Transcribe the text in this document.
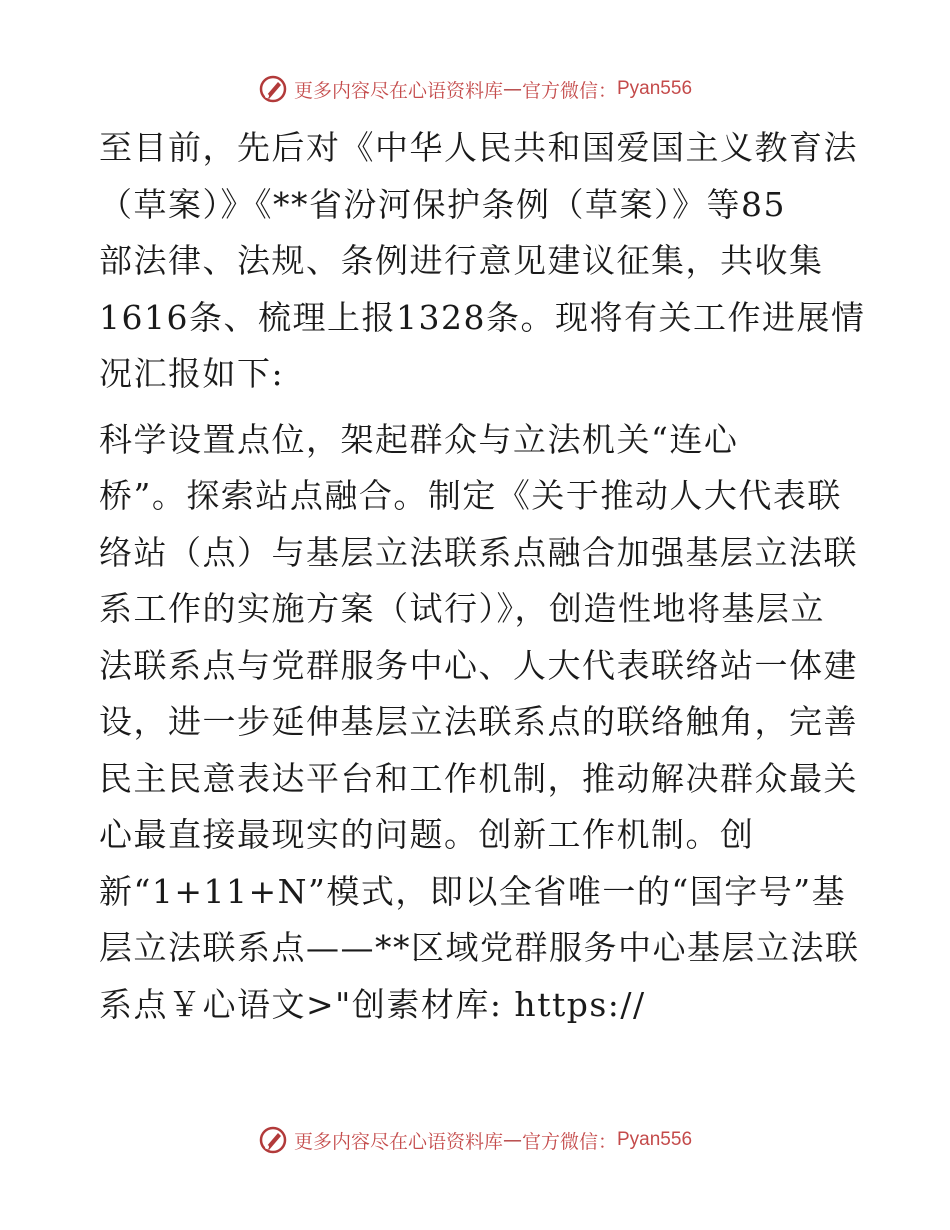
更多内容尽在心语资料库 — 官方微信： Pyan556

至目前，先后对《中华人民共和国爱国主义教育法

（草案）》《**省汾河保护条例（草案）》等85

部法律、法规、条例进行意见建议征集，共收集

1616条、梳理上报1328条。现将有关工作进展情

况汇报如下:

科学设置点位，架起群众与立法机关“连心

桥”。探索站点融合。制定《关于推动人大代表联

络站（点）与基层立法联系点融合加强基层立法联

系工作的实施方案（试行）》，创造性地将基层立

法联系点与党群服务中心、人大代表联络站一体建

设，进一步延伸基层立法联系点的联络触角，完善

民主民意表达平台和工作机制，推动解决群众最关

心最直接最现实的问题。创新工作机制。创

新“1+11+N”模式，即以全省唯一的“国字号”基

层立法联系点——**区域党群服务中心基层立法联

系点￥心语文>"创素材库: https://

更多内容尽在心语资料库 — 官方微信： Pyan556
